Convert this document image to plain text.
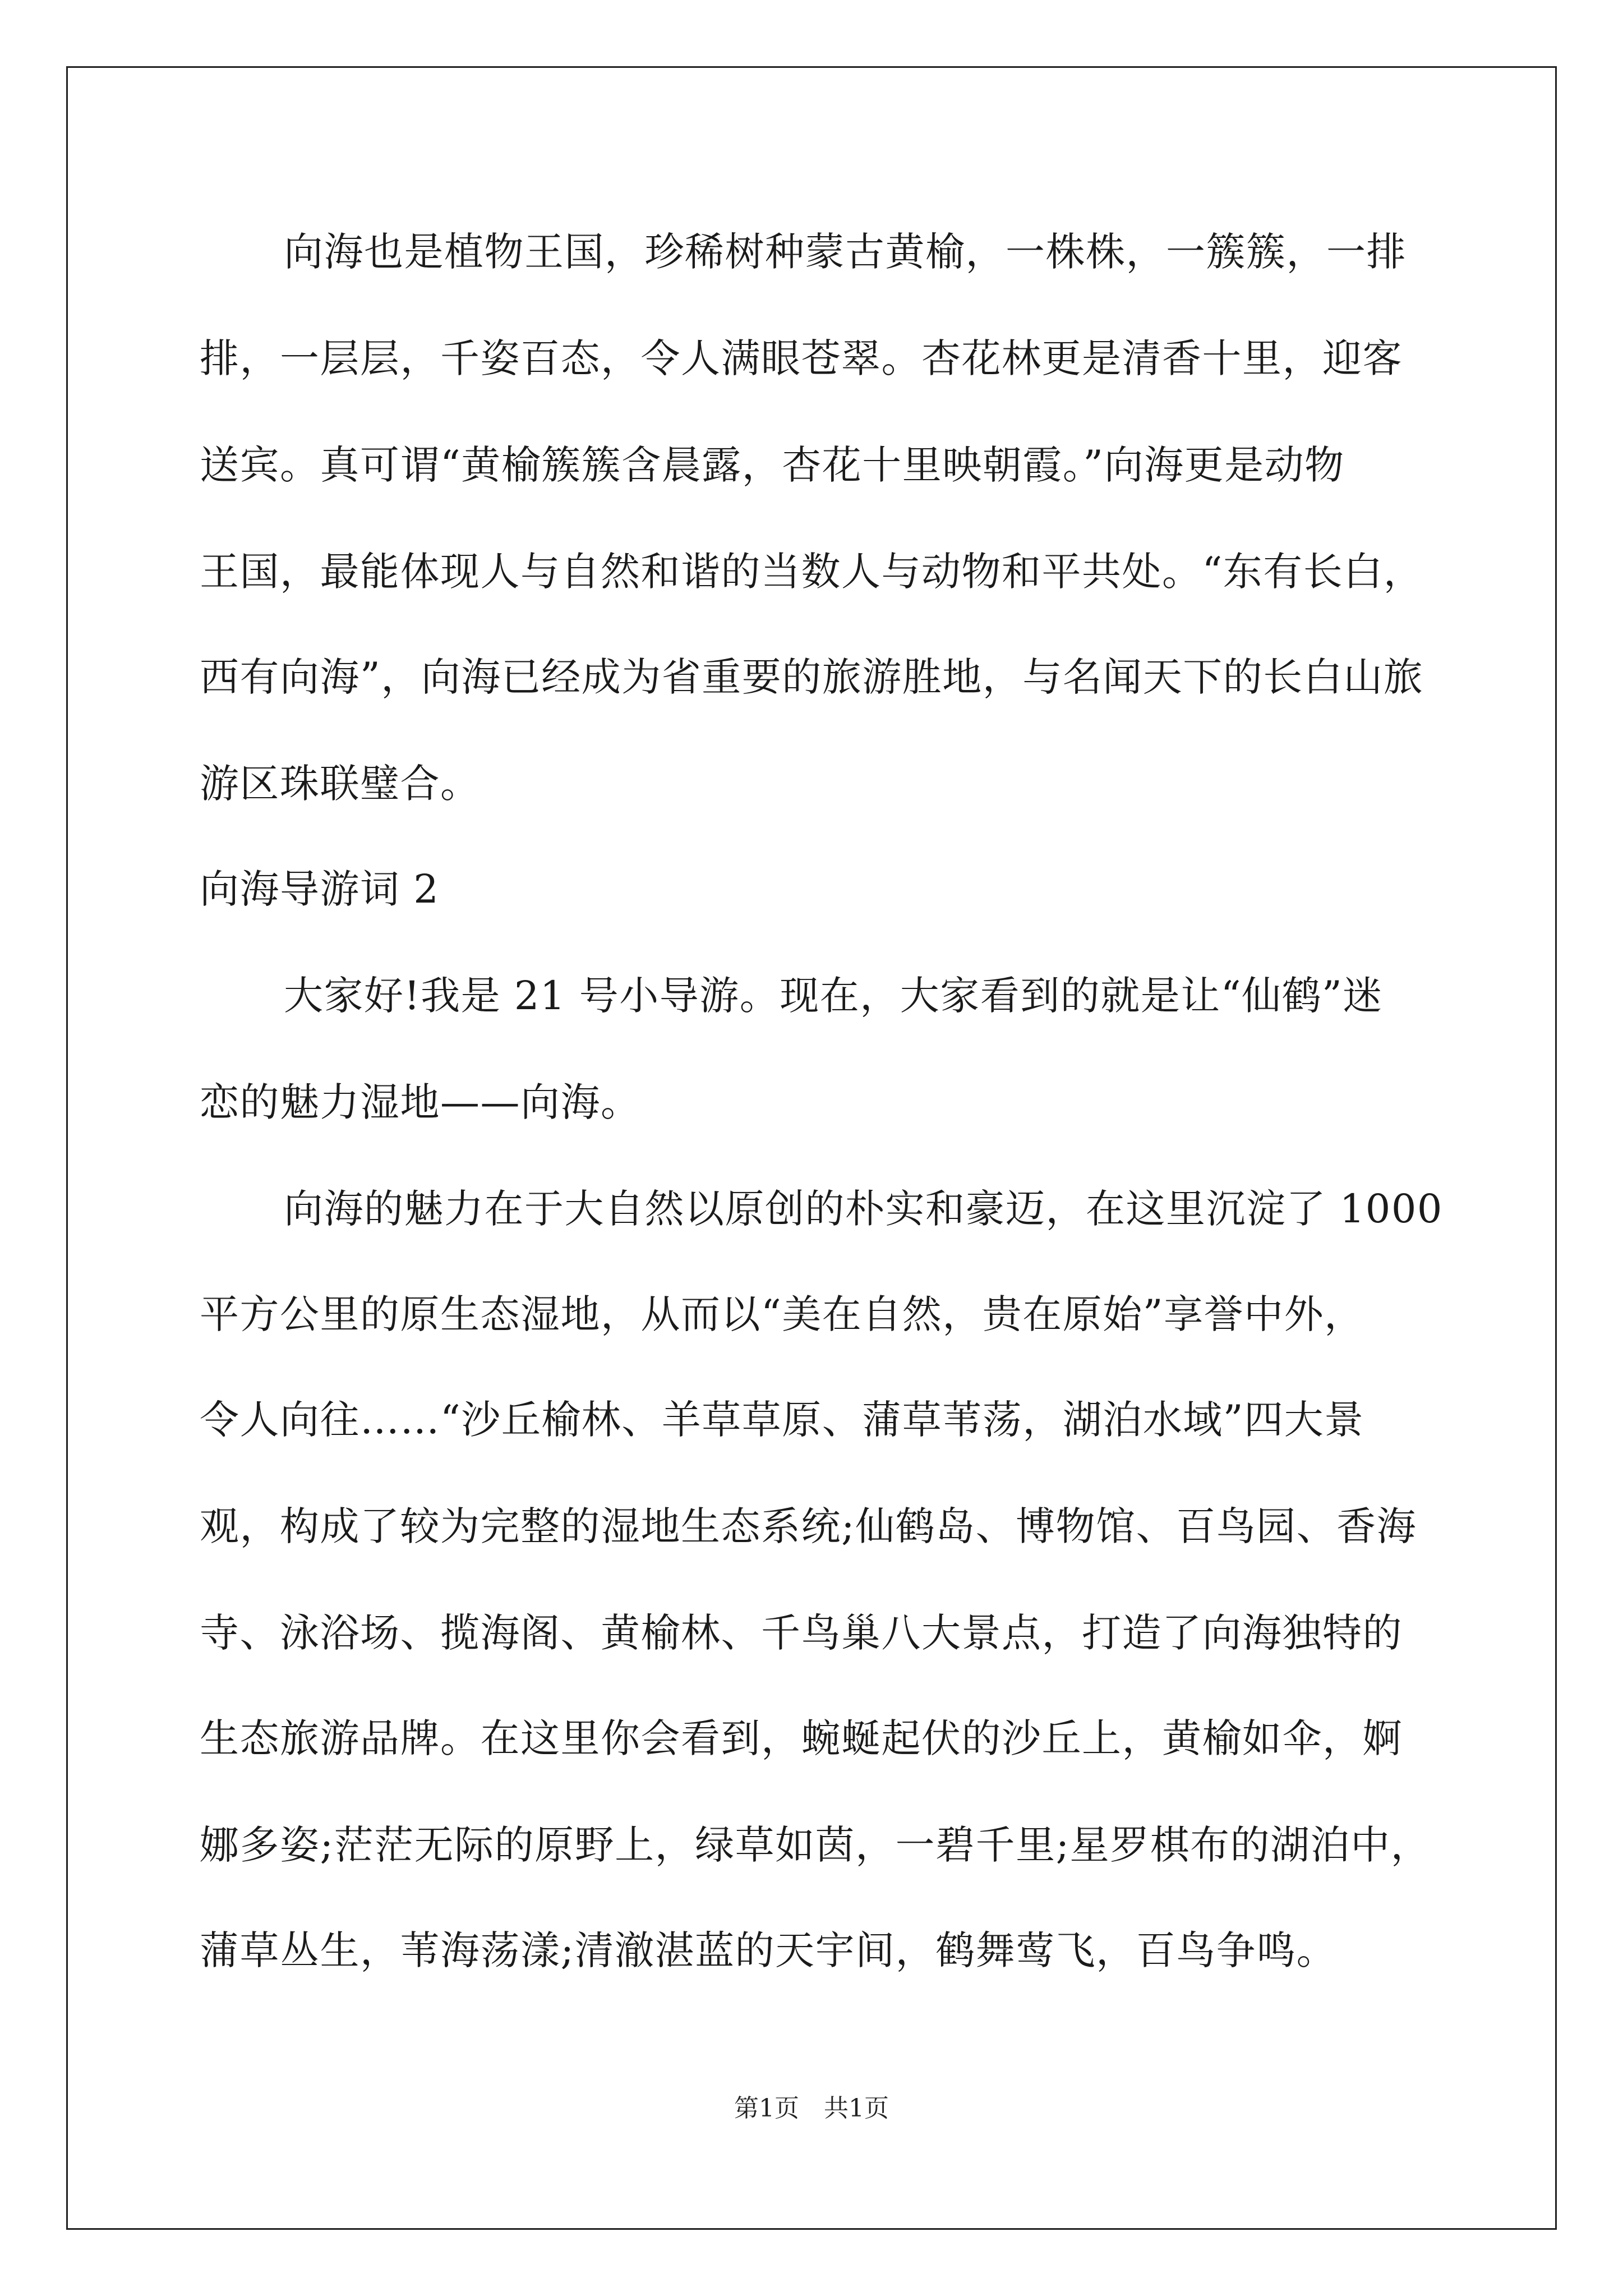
向海也是植物王国，珍稀树种蒙古黄榆，一株株，一簇簇，一排
排，一层层，千姿百态，令人满眼苍翠。杏花林更是清香十里，迎客
送宾。真可谓“黄榆簇簇含晨露，杏花十里映朝霞。”向海更是动物
王国，最能体现人与自然和谐的当数人与动物和平共处。“东有长白，
西有向海”，向海已经成为省重要的旅游胜地，与名闻天下的长白山旅
游区珠联璧合。
向海导游词 2
大家好!我是 21 号小导游。现在，大家看到的就是让“仙鹤”迷
恋的魅力湿地——向海。
向海的魅力在于大自然以原创的朴实和豪迈，在这里沉淀了 1000
平方公里的原生态湿地，从而以“美在自然，贵在原始”享誉中外，
令人向往……“沙丘榆林、羊草草原、蒲草苇荡，湖泊水域”四大景
观，构成了较为完整的湿地生态系统;仙鹤岛、博物馆、百鸟园、香海
寺、泳浴场、揽海阁、黄榆林、千鸟巢八大景点，打造了向海独特的
生态旅游品牌。在这里你会看到，蜿蜒起伏的沙丘上，黄榆如伞，婀
娜多姿;茫茫无际的原野上，绿草如茵，一碧千里;星罗棋布的湖泊中，
蒲草丛生，苇海荡漾;清澈湛蓝的天宇间，鹤舞莺飞，百鸟争鸣。
第1页　共1页
